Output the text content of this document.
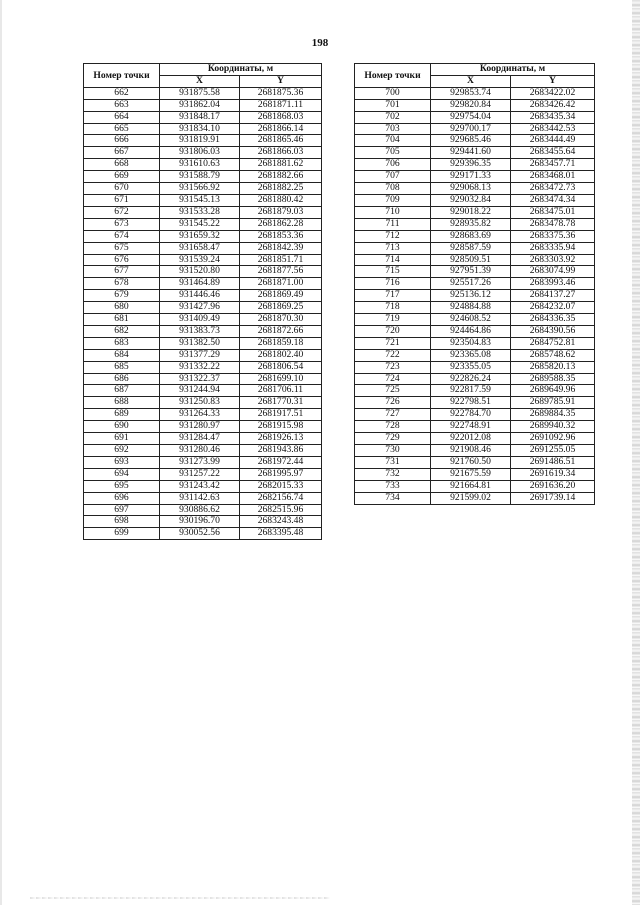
198
Номер точки	Координаты, м	
	X	Y
662	931875.58	2681875.36
663	931862.04	2681871.11
664	931848.17	2681868.03
665	931834.10	2681866.14
666	931819.91	2681865.46
667	931806.03	2681866.03
668	931610.63	2681881.62
669	931588.79	2681882.66
670	931566.92	2681882.25
671	931545.13	2681880.42
672	931533.28	2681879.03
673	931545.22	2681862.28
674	931659.32	2681853.36
675	931658.47	2681842.39
676	931539.24	2681851.71
677	931520.80	2681877.56
678	931464.89	2681871.00
679	931446.46	2681869.49
680	931427.96	2681869.25
681	931409.49	2681870.30
682	931383.73	2681872.66
683	931382.50	2681859.18
684	931377.29	2681802.40
685	931332.22	2681806.54
686	931322.37	2681699.10
687	931244.94	2681706.11
688	931250.83	2681770.31
689	931264.33	2681917.51
690	931280.97	2681915.98
691	931284.47	2681926.13
692	931280.46	2681943.86
693	931273.99	2681972.44
694	931257.22	2681995.97
695	931243.42	2682015.33
696	931142.63	2682156.74
697	930886.62	2682515.96
698	930196.70	2683243.48
699	930052.56	2683395.48
Номер точки	Координаты, м	
	X	Y
700	929853.74	2683422.02
701	929820.84	2683426.42
702	929754.04	2683435.34
703	929700.17	2683442.53
704	929685.46	2683444.49
705	929441.60	2683455.64
706	929396.35	2683457.71
707	929171.33	2683468.01
708	929068.13	2683472.73
709	929032.84	2683474.34
710	929018.22	2683475.01
711	928935.82	2683478.78
712	928683.69	2683375.36
713	928587.59	2683335.94
714	928509.51	2683303.92
715	927951.39	2683074.99
716	925517.26	2683993.46
717	925136.12	2684137.27
718	924884.88	2684232.07
719	924608.52	2684336.35
720	924464.86	2684390.56
721	923504.83	2684752.81
722	923365.08	2685748.62
723	923355.05	2685820.13
724	922826.24	2689588.35
725	922817.59	2689649.96
726	922798.51	2689785.91
727	922784.70	2689884.35
728	922748.91	2689940.32
729	922012.08	2691092.96
730	921908.46	2691255.05
731	921760.50	2691486.51
732	921675.59	2691619.34
733	921664.81	2691636.20
734	921599.02	2691739.14
